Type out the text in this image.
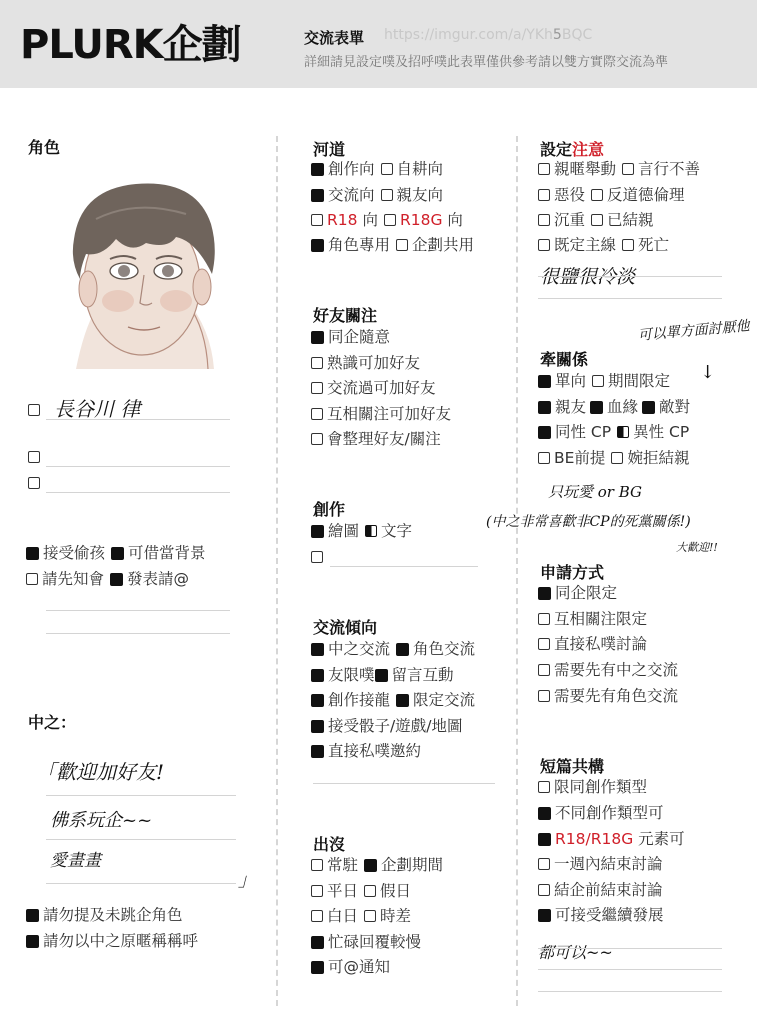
PLURK企劃	交流表單 https://imgur.com/a/YKh5BQC
詳細請見設定噗及招呼噗此表單僅供參考請以雙方實際交流為準
角色
長谷川 律
接受偷孩 可借當背景
請先知會 發表請@
中之：
「歡迎加好友!
佛系玩企~~
愛畫畫
」
請勿提及未跳企角色
請勿以中之原暱稱稱呼
河道
創作向 自耕向
交流向 親友向
R18 向 R18G 向
角色專用 企劃共用
好友關注
同企隨意
熟識可加好友
交流過可加好友
互相關注可加好友
會整理好友/關注
創作
繪圖 文字
交流傾向
中之交流 角色交流
友限噗 留言互動
創作接龍 限定交流
接受骰子/遊戲/地圖
直接私噗邀約
出沒
常駐 企劃期間
平日 假日
白日 時差
忙碌回覆較慢
可@通知
設定注意
親暱舉動 言行不善
惡役 反道德倫理
沉重 已結親
既定主線 死亡
很鹽很冷淡
牽關係
可以單方面討厭他
↓
單向 期間限定
親友 血緣 敵對
同性 CP 異性 CP
BE前提 婉拒結親
只玩愛 or BG
(中之非常喜歡非CP的死黨關係!)
大歡迎!!
申請方式
同企限定
互相關注限定
直接私噗討論
需要先有中之交流
需要先有角色交流
短篇共構
限同創作類型
不同創作類型可
R18/R18G 元素可
一週內結束討論
結企前結束討論
可接受繼續發展
都可以~~
